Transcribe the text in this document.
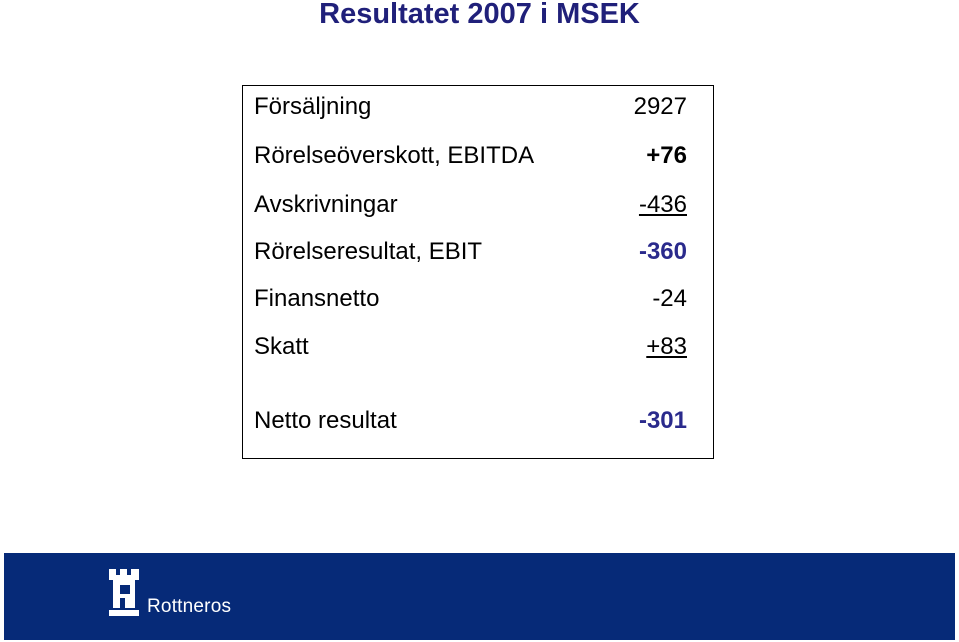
Resultatet 2007 i MSEK
Försäljning	2927
Rörelseöverskott, EBITDA	+76
Avskrivningar	-436
Rörelseresultat, EBIT	-360
Finansnetto	-24
Skatt	+83
Netto resultat	-301
Rottneros
